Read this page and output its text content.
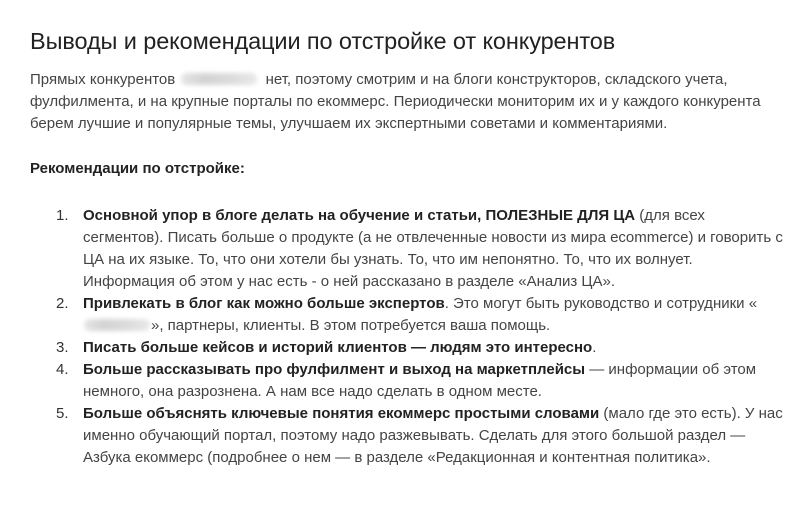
Выводы и рекомендации по отстройке от конкурентов

Прямых конкурентов	нет, поэтому смотрим и на блоги конструкторов, складского учета, фулфилмента, и на крупные порталы по екоммерс. Периодически мониторим их и у каждого конкурента берем лучшие и популярные темы, улучшаем их экспертными советами и комментариями.

Рекомендации по отстройке:

1. Основной упор в блоге делать на обучение и статьи, ПОЛЕЗНЫЕ ДЛЯ ЦА (для всех сегментов). Писать больше о продукте (а не отвлеченные новости из мира ecommerce) и говорить с ЦА на их языке. То, что они хотели бы узнать. То, что им непонятно. То, что их волнует. Информация об этом у нас есть - о ней рассказано в разделе «Анализ ЦА».
2. Привлекать в блог как можно больше экспертов. Это могут быть руководство и сотрудники «», партнеры, клиенты. В этом потребуется ваша помощь.
3. Писать больше кейсов и историй клиентов — людям это интересно.
4. Больше рассказывать про фулфилмент и выход на маркетплейсы — информации об этом немного, она разрознена. А нам все надо сделать в одном месте.
5. Больше объяснять ключевые понятия екоммерс простыми словами (мало где это есть). У нас именно обучающий портал, поэтому надо разжевывать. Сделать для этого большой раздел — Азбука екоммерс (подробнее о нем — в разделе «Редакционная и контентная политика».
